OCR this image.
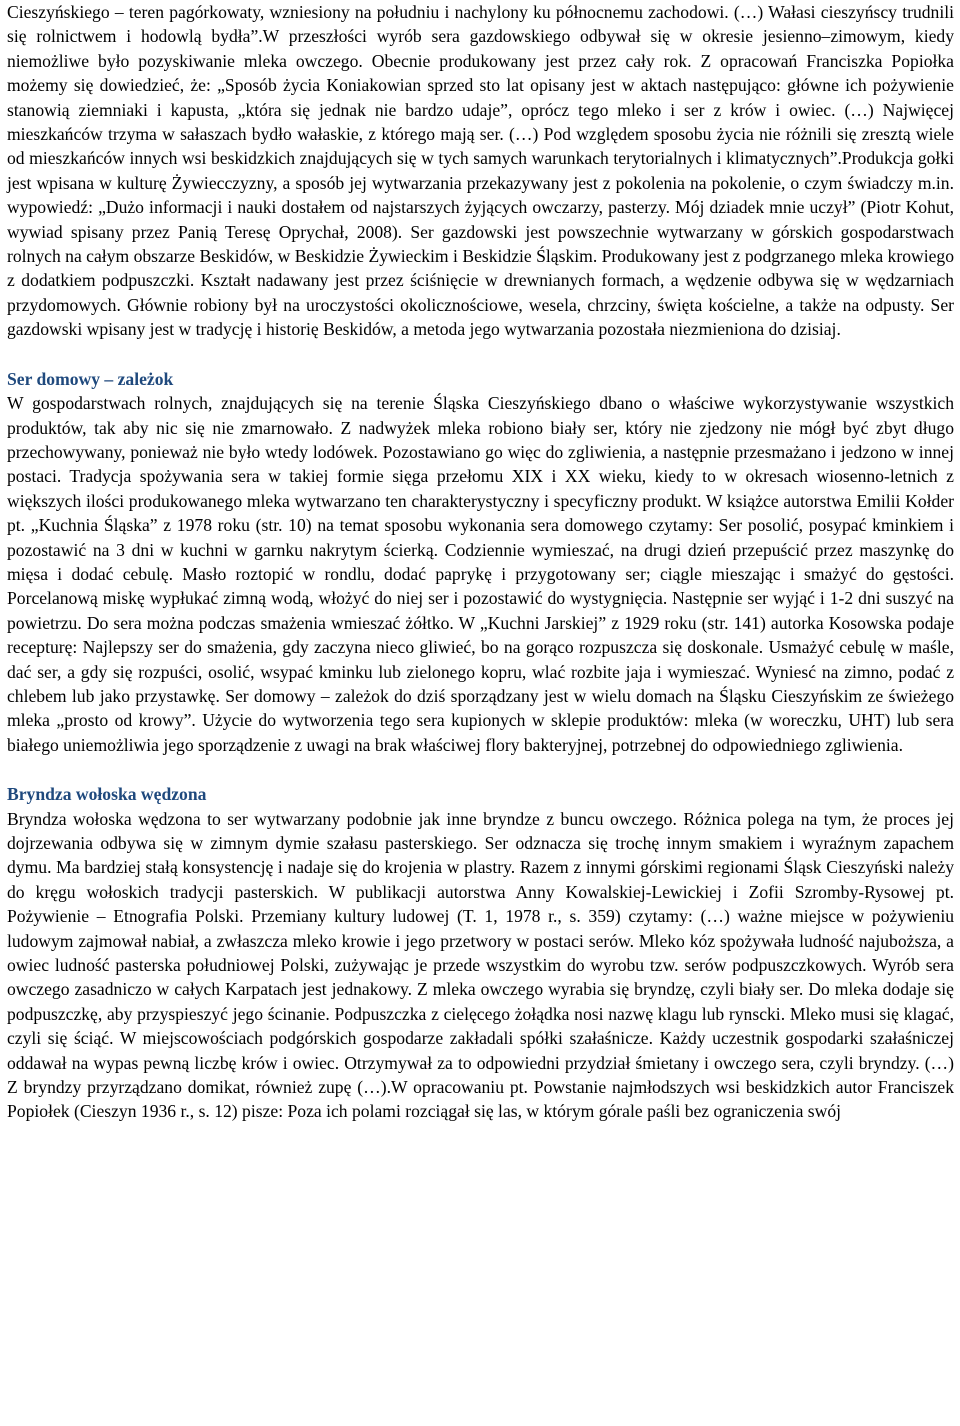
Cieszyńskiego – teren pagórkowaty, wzniesiony na południu i nachylony ku północnemu zachodowi. (…) Wałasi cieszyńscy trudnili się rolnictwem i hodowlą bydła”.W przeszłości wyrób sera gazdowskiego odbywał się w okresie jesienno–zimowym, kiedy niemożliwe było pozyskiwanie mleka owczego. Obecnie produkowany jest przez cały rok. Z opracowań Franciszka Popiołka możemy się dowiedzieć, że: „Sposób życia Koniakowian sprzed sto lat opisany jest w aktach następująco: główne ich pożywienie stanowią ziemniaki i kapusta, „która się jednak nie bardzo udaje”, oprócz tego mleko i ser z krów i owiec. (…) Najwięcej mieszkańców trzyma w sałaszach bydło wałaskie, z którego mają ser. (…) Pod względem sposobu życia nie różnili się zresztą wiele od mieszkańców innych wsi beskidzkich znajdujących się w tych samych warunkach terytorialnych i klimatycznych”.Produkcja gołki jest wpisana w kulturę Żywiecczyzny, a sposób jej wytwarzania przekazywany jest z pokolenia na pokolenie, o czym świadczy m.in. wypowiedź: „Dużo informacji i nauki dostałem od najstarszych żyjących owczarzy, pasterzy. Mój dziadek mnie uczył” (Piotr Kohut, wywiad spisany przez Panią Teresę Oprychał, 2008). Ser gazdowski jest powszechnie wytwarzany w górskich gospodarstwach rolnych na całym obszarze Beskidów, w Beskidzie Żywieckim i Beskidzie Śląskim. Produkowany jest z podgrzanego mleka krowiego z dodatkiem podpuszczki. Kształt nadawany jest przez ściśnięcie w drewnianych formach, a wędzenie odbywa się w wędzarniach przydomowych. Głównie robiony był na uroczystości okolicznościowe, wesela, chrzciny, święta kościelne, a także na odpusty. Ser gazdowski wpisany jest w tradycję i historię Beskidów, a metoda jego wytwarzania pozostała niezmieniona do dzisiaj.

Ser domowy – zależok

W gospodarstwach rolnych, znajdujących się na terenie Śląska Cieszyńskiego dbano o właściwe wykorzystywanie wszystkich produktów, tak aby nic się nie zmarnowało. Z nadwyżek mleka robiono biały ser, który nie zjedzony nie mógł być zbyt długo przechowywany, ponieważ nie było wtedy lodówek. Pozostawiano go więc do zgliwienia, a następnie przesmażano i jedzono w innej postaci. Tradycja spożywania sera w takiej formie sięga przełomu XIX i XX wieku, kiedy to w okresach wiosenno-letnich z większych ilości produkowanego mleka wytwarzano ten charakterystyczny i specyficzny produkt. W książce autorstwa Emilii Kołder pt. „Kuchnia Śląska” z 1978 roku (str. 10) na temat sposobu wykonania sera domowego czytamy: Ser posolić, posypać kminkiem i pozostawić na 3 dni w kuchni w garnku nakrytym ścierką. Codziennie wymieszać, na drugi dzień przepuścić przez maszynkę do mięsa i dodać cebulę. Masło roztopić w rondlu, dodać paprykę i przygotowany ser; ciągle mieszając i smażyć do gęstości. Porcelanową miskę wypłukać zimną wodą, włożyć do niej ser i pozostawić do wystygnięcia. Następnie ser wyjąć i 1-2 dni suszyć na powietrzu. Do sera można podczas smażenia wmieszać żółtko. W „Kuchni Jarskiej” z 1929 roku (str. 141) autorka Kosowska podaje recepturę: Najlepszy ser do smażenia, gdy zaczyna nieco gliwieć, bo na gorąco rozpuszcza się doskonale. Usmażyć cebulę w maśle, dać ser, a gdy się rozpuści, osolić, wsypać kminku lub zielonego kopru, wlać rozbite jaja i wymieszać. Wyniesć na zimno, podać z chlebem lub jako przystawkę. Ser domowy – zależok do dziś sporządzany jest w wielu domach na Śląsku Cieszyńskim ze świeżego mleka „prosto od krowy”. Użycie do wytworzenia tego sera kupionych w sklepie produktów: mleka (w woreczku, UHT) lub sera białego uniemożliwia jego sporządzenie z uwagi na brak właściwej flory bakteryjnej, potrzebnej do odpowiedniego zgliwienia.

Bryndza wołoska wędzona

Bryndza wołoska wędzona to ser wytwarzany podobnie jak inne bryndze z buncu owczego. Różnica polega na tym, że proces jej dojrzewania odbywa się w zimnym dymie szałasu pasterskiego. Ser odznacza się trochę innym smakiem i wyraźnym zapachem dymu. Ma bardziej stałą konsystencję i nadaje się do krojenia w plastry. Razem z innymi górskimi regionami Śląsk Cieszyński należy do kręgu wołoskich tradycji pasterskich. W publikacji autorstwa Anny Kowalskiej-Lewickiej i Zofii Szromby-Rysowej pt. Pożywienie – Etnografia Polski. Przemiany kultury ludowej (T. 1, 1978 r., s. 359) czytamy: (…) ważne miejsce w pożywieniu ludowym zajmował nabiał, a zwłaszcza mleko krowie i jego przetwory w postaci serów. Mleko kóz spożywała ludność najuboższa, a owiec ludność pasterska południowej Polski, zużywając je przede wszystkim do wyrobu tzw. serów podpuszczkowych. Wyrób sera owczego zasadniczo w całych Karpatach jest jednakowy. Z mleka owczego wyrabia się bryndzę, czyli biały ser. Do mleka dodaje się podpuszczkę, aby przyspieszyć jego ścinanie. Podpuszczka z cielęcego żołądka nosi nazwę klagu lub rynscki. Mleko musi się klagać, czyli się ściąć. W miejscowościach podgórskich gospodarze zakładali spółki szałaśnicze. Każdy uczestnik gospodarki szałaśniczej oddawał na wypas pewną liczbę krów i owiec. Otrzymywał za to odpowiedni przydział śmietany i owczego sera, czyli bryndzy. (…) Z bryndzy przyrządzano domikat, również zupę (…).W opracowaniu pt. Powstanie najmłodszych wsi beskidzkich autor Franciszek Popiołek (Cieszyn 1936 r., s. 12) pisze: Poza ich polami rozciągał się las, w którym górale paśli bez ograniczenia swój
